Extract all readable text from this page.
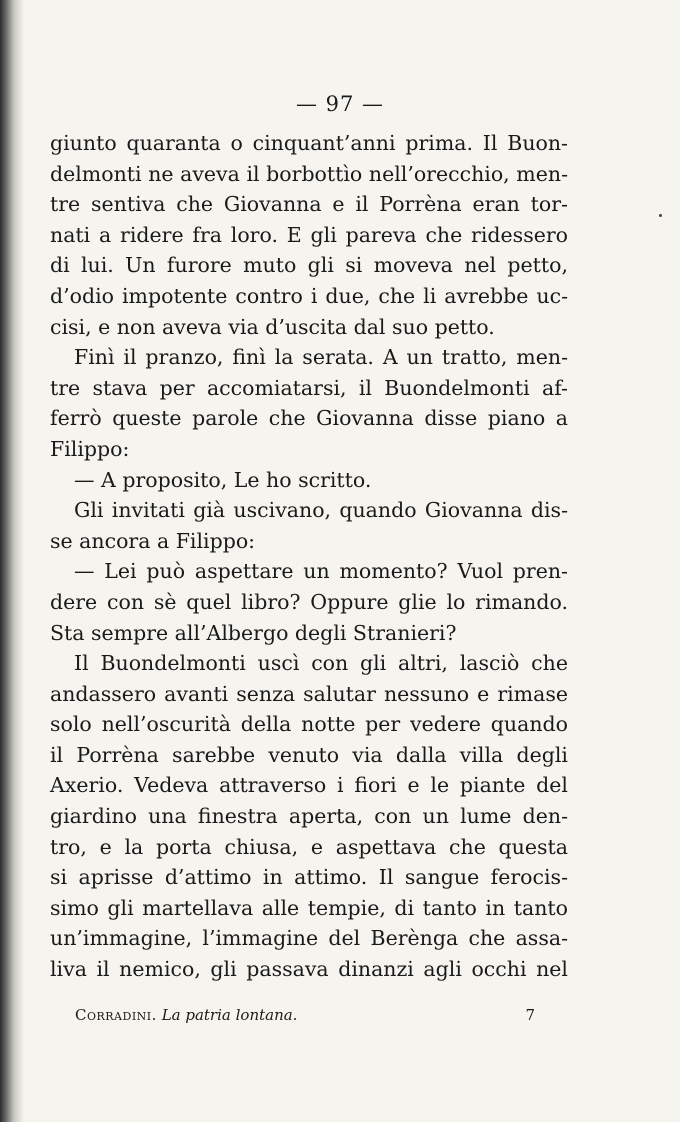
— 97 —
giunto quaranta o cinquant’anni prima. Il Buon-
delmonti ne aveva il borbottìo nell’orecchio, men-
tre sentiva che Giovanna e il Porrèna eran tor-
nati a ridere fra loro. E gli pareva che ridessero
di lui. Un furore muto gli si moveva nel petto,
d’odio impotente contro i due, che li avrebbe uc-
cisi, e non aveva via d’uscita dal suo petto.
Finì il pranzo, finì la serata. A un tratto, men-
tre stava per accomiatarsi, il Buondelmonti af-
ferrò queste parole che Giovanna disse piano a
Filippo:
— A proposito, Le ho scritto.
Gli invitati già uscivano, quando Giovanna dis-
se ancora a Filippo:
— Lei può aspettare un momento? Vuol pren-
dere con sè quel libro? Oppure glie lo rimando.
Sta sempre all’Albergo degli Stranieri?
Il Buondelmonti uscì con gli altri, lasciò che
andassero avanti senza salutar nessuno e rimase
solo nell’oscurità della notte per vedere quando
il Porrèna sarebbe venuto via dalla villa degli
Axerio. Vedeva attraverso i fiori e le piante del
giardino una finestra aperta, con un lume den-
tro, e la porta chiusa, e aspettava che questa
si aprisse d’attimo in attimo. Il sangue ferocis-
simo gli martellava alle tempie, di tanto in tanto
un’immagine, l’immagine del Berènga che assa-
liva il nemico, gli passava dinanzi agli occhi nel
Corradini. La patria lontana.	7
